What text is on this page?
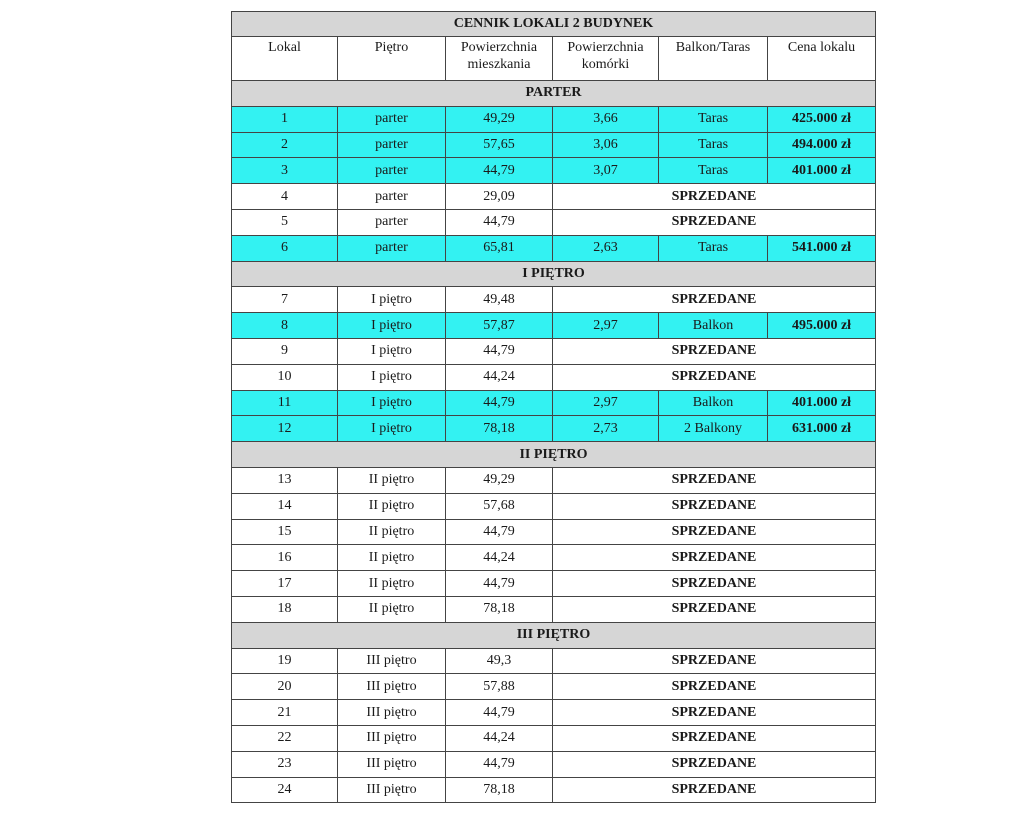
CENNIK LOKALI 2 BUDYNEK					
Lokal	Piętro	Powierzchnia mieszkania	Powierzchnia komórki	Balkon/Taras	Cena lokalu
PARTER					
1	parter	49,29	3,66	Taras	425.000 zł
2	parter	57,65	3,06	Taras	494.000 zł
3	parter	44,79	3,07	Taras	401.000 zł
4	parter	29,09	SPRZEDANE		
5	parter	44,79	SPRZEDANE		
6	parter	65,81	2,63	Taras	541.000 zł
I PIĘTRO					
7	I piętro	49,48	SPRZEDANE		
8	I piętro	57,87	2,97	Balkon	495.000 zł
9	I piętro	44,79	SPRZEDANE		
10	I piętro	44,24	SPRZEDANE		
11	I piętro	44,79	2,97	Balkon	401.000 zł
12	I piętro	78,18	2,73	2 Balkony	631.000 zł
II PIĘTRO					
13	II piętro	49,29	SPRZEDANE		
14	II piętro	57,68	SPRZEDANE		
15	II piętro	44,79	SPRZEDANE		
16	II piętro	44,24	SPRZEDANE		
17	II piętro	44,79	SPRZEDANE		
18	II piętro	78,18	SPRZEDANE		
III PIĘTRO					
19	III piętro	49,3	SPRZEDANE		
20	III piętro	57,88	SPRZEDANE		
21	III piętro	44,79	SPRZEDANE		
22	III piętro	44,24	SPRZEDANE		
23	III piętro	44,79	SPRZEDANE		
24	III piętro	78,18	SPRZEDANE		
